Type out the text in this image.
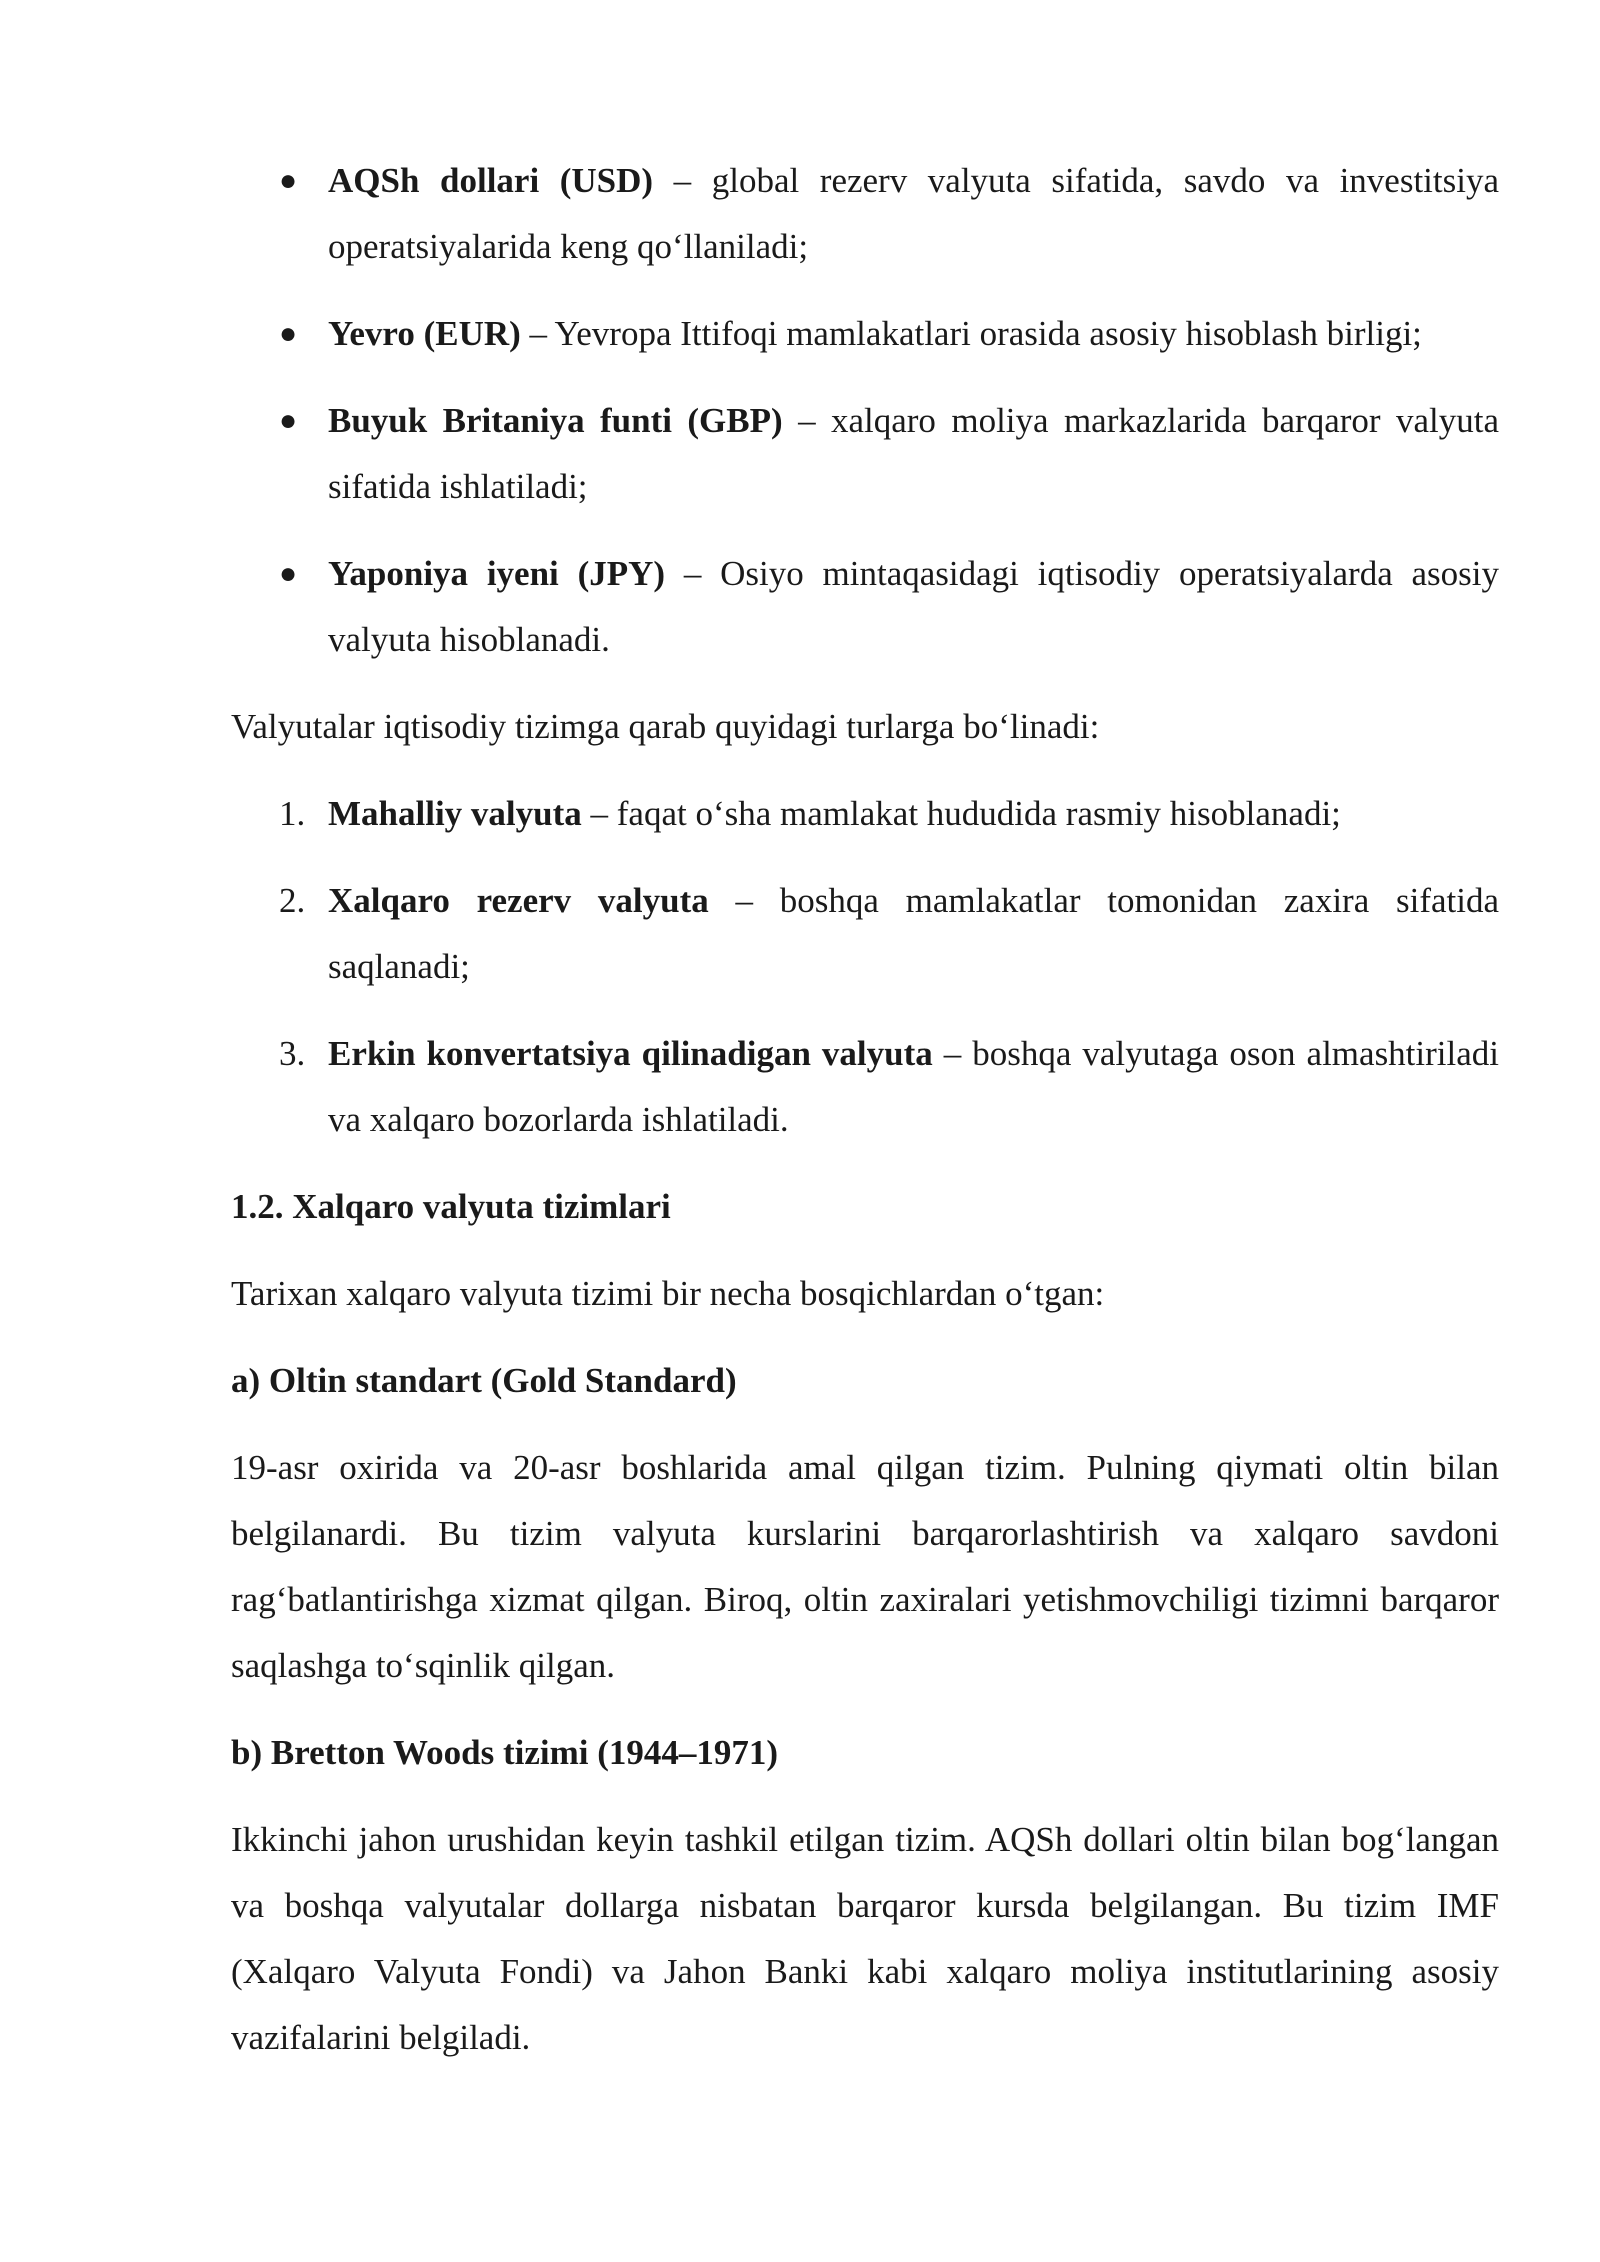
● AQSh dollari (USD) – global rezerv valyuta sifatida, savdo va investitsiya operatsiyalarida keng qo‘llaniladi;
● Yevro (EUR) – Yevropa Ittifoqi mamlakatlari orasida asosiy hisoblash birligi;
● Buyuk Britaniya funti (GBP) – xalqaro moliya markazlarida barqaror valyuta sifatida ishlatiladi;
● Yaponiya iyeni (JPY) – Osiyo mintaqasidagi iqtisodiy operatsiyalarda asosiy valyuta hisoblanadi.

Valyutalar iqtisodiy tizimga qarab quyidagi turlarga bo‘linadi:

1. Mahalliy valyuta – faqat o‘sha mamlakat hududida rasmiy hisoblanadi;
2. Xalqaro rezerv valyuta – boshqa mamlakatlar tomonidan zaxira sifatida saqlanadi;
3. Erkin konvertatsiya qilinadigan valyuta – boshqa valyutaga oson almashtiriladi va xalqaro bozorlarda ishlatiladi.
1.2. Xalqaro valyuta tizimlari

Tarixan xalqaro valyuta tizimi bir necha bosqichlardan o‘tgan:

a) Oltin standart (Gold Standard)

19-asr oxirida va 20-asr boshlarida amal qilgan tizim. Pulning qiymati oltin bilan belgilanardi. Bu tizim valyuta kurslarini barqarorlashtirish va xalqaro savdoni rag‘batlantirishga xizmat qilgan. Biroq, oltin zaxiralari yetishmovchiligi tizimni barqaror saqlashga to‘sqinlik qilgan.

b) Bretton Woods tizimi (1944–1971)

Ikkinchi jahon urushidan keyin tashkil etilgan tizim. AQSh dollari oltin bilan bog‘langan va boshqa valyutalar dollarga nisbatan barqaror kursda belgilangan. Bu tizim IMF (Xalqaro Valyuta Fondi) va Jahon Banki kabi xalqaro moliya institutlarining asosiy vazifalarini belgiladi.
